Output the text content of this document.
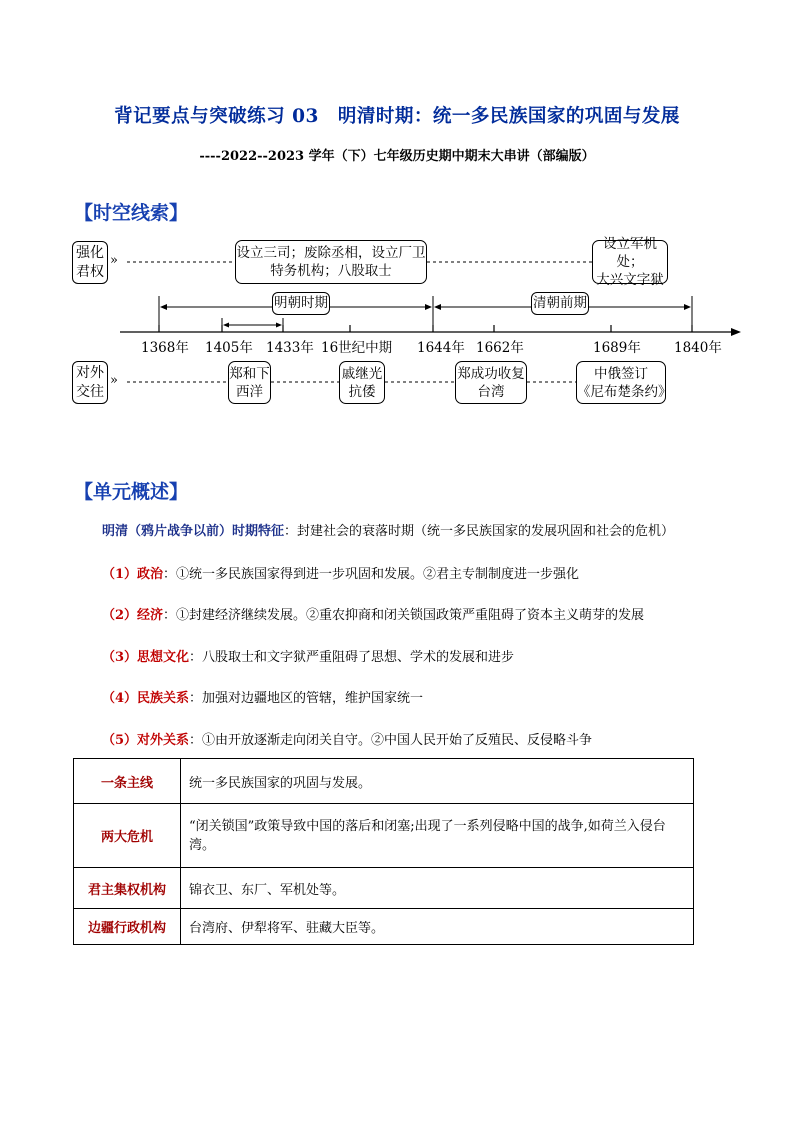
背记要点与突破练习 03　明清时期：统一多民族国家的巩固与发展
----2022--2023 学年（下）七年级历史期中期末大串讲（部编版）
【时空线索】
强化
君权
»
对外
交往
»
设立三司；废除丞相，设立厂卫
特务机构；八股取士
设立军机处；
大兴文字狱
明朝时期	清朝前期
1368年 1405年 1433年 16世纪中期 1644年 1662年	1689年 1840年
郑和下
西洋
戚继光
抗倭
郑成功收复
台湾
中俄签订
《尼布楚条约》
【单元概述】
明清（鸦片战争以前）时期特征：封建社会的衰落时期（统一多民族国家的发展巩固和社会的危机）
（1）政治：①统一多民族国家得到进一步巩固和发展。②君主专制制度进一步强化
（2）经济：①封建经济继续发展。②重农抑商和闭关锁国政策严重阻碍了资本主义萌芽的发展
（3）思想文化：八股取士和文字狱严重阻碍了思想、学术的发展和进步
（4）民族关系：加强对边疆地区的管辖，维护国家统一
（5）对外关系：①由开放逐渐走向闭关自守。②中国人民开始了反殖民、反侵略斗争
一条主线	统一多民族国家的巩固与发展。
两大危机	“闭关锁国”政策导致中国的落后和闭塞;出现了一系列侵略中国的战争,如荷兰入侵台湾。
君主集权机构	锦衣卫、东厂、军机处等。
边疆行政机构	台湾府、伊犁将军、驻藏大臣等。
